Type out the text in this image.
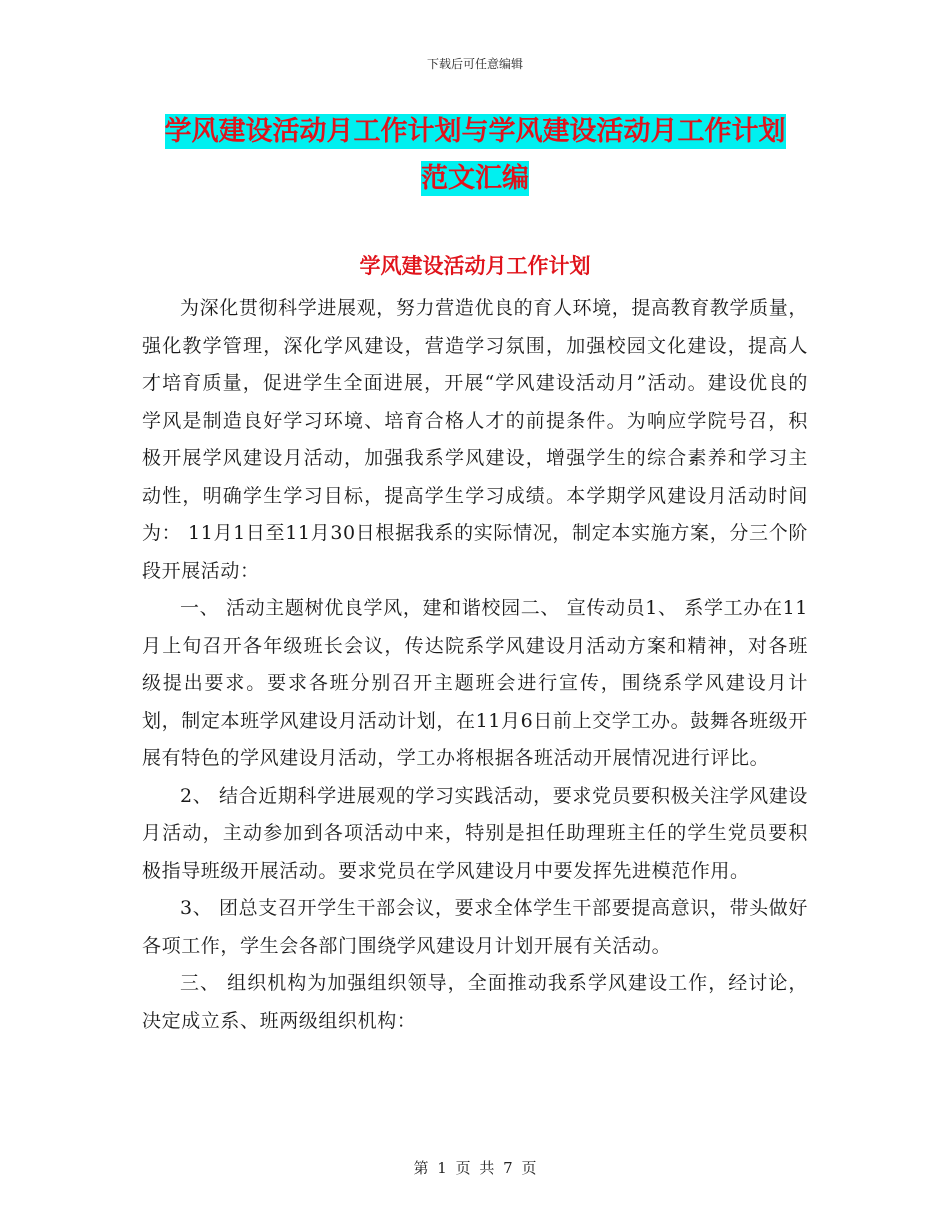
下载后可任意编辑
学风建设活动月工作计划与学风建设活动月工作计划
范文汇编
学风建设活动月工作计划

为深化贯彻科学进展观，努力营造优良的育人环境，提高教育教学质量，强化教学管理，深化学风建设，营造学习氛围，加强校园文化建设，提高人才培育质量，促进学生全面进展，开展“学风建设活动月”活动。建设优良的学风是制造良好学习环境、培育合格人才的前提条件。为响应学院号召，积极开展学风建设月活动，加强我系学风建设，增强学生的综合素养和学习主动性，明确学生学习目标，提高学生学习成绩。本学期学风建设月活动时间为： 11月1日至11月30日根据我系的实际情况，制定本实施方案，分三个阶段开展活动：

一、 活动主题树优良学风，建和谐校园二、 宣传动员1、 系学工办在11月上旬召开各年级班长会议，传达院系学风建设月活动方案和精神，对各班级提出要求。要求各班分别召开主题班会进行宣传，围绕系学风建设月计划，制定本班学风建设月活动计划，在11月6日前上交学工办。鼓舞各班级开展有特色的学风建设月活动，学工办将根据各班活动开展情况进行评比。

2、 结合近期科学进展观的学习实践活动，要求党员要积极关注学风建设月活动，主动参加到各项活动中来，特别是担任助理班主任的学生党员要积极指导班级开展活动。要求党员在学风建设月中要发挥先进模范作用。

3、 团总支召开学生干部会议，要求全体学生干部要提高意识，带头做好各项工作，学生会各部门围绕学风建设月计划开展有关活动。

三、 组织机构为加强组织领导，全面推动我系学风建设工作，经讨论，决定成立系、班两级组织机构：

第 1 页 共 7 页
